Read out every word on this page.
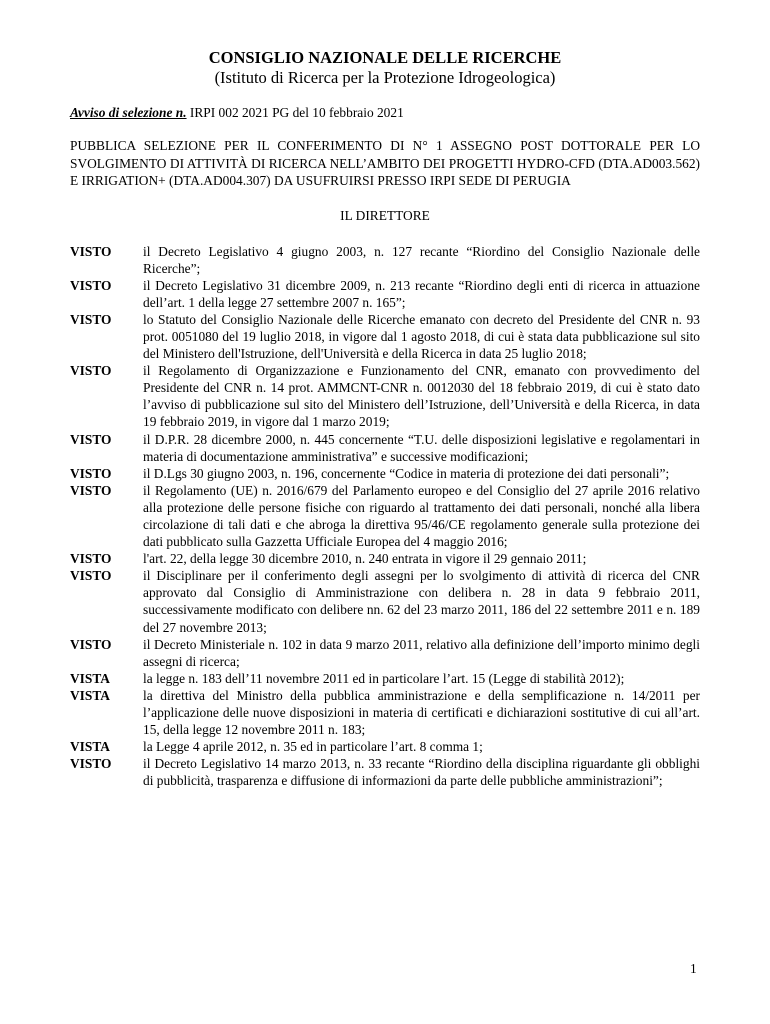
CONSIGLIO NAZIONALE DELLE RICERCHE

(Istituto di Ricerca per la Protezione Idrogeologica)

Avviso di selezione n. IRPI 002 2021 PG del 10 febbraio 2021

PUBBLICA SELEZIONE PER IL CONFERIMENTO DI N° 1 ASSEGNO POST DOTTORALE PER LO SVOLGIMENTO DI ATTIVITÀ DI RICERCA NELL’AMBITO DEI PROGETTI HYDRO-CFD (DTA.AD003.562) E IRRIGATION+ (DTA.AD004.307) DA USUFRUIRSI PRESSO IRPI SEDE DI PERUGIA

IL DIRETTORE

VISTO	il Decreto Legislativo 4 giugno 2003, n. 127 recante “Riordino del Consiglio Nazionale delle Ricerche”;
VISTO	il Decreto Legislativo 31 dicembre 2009, n. 213 recante “Riordino degli enti di ricerca in attuazione dell’art. 1 della legge 27 settembre 2007 n. 165”;
VISTO	lo Statuto del Consiglio Nazionale delle Ricerche emanato con decreto del Presidente del CNR n. 93 prot. 0051080 del 19 luglio 2018, in vigore dal 1 agosto 2018, di cui è stata data pubblicazione sul sito del Ministero dell'Istruzione, dell'Università e della Ricerca in data 25 luglio 2018;
VISTO	il Regolamento di Organizzazione e Funzionamento del CNR, emanato con provvedimento del Presidente del CNR n. 14 prot. AMMCNT-CNR n. 0012030 del 18 febbraio 2019, di cui è stato dato l’avviso di pubblicazione sul sito del Ministero dell’Istruzione, dell’Università e della Ricerca, in data 19 febbraio 2019, in vigore dal 1 marzo 2019;
VISTO	il D.P.R. 28 dicembre 2000, n. 445 concernente “T.U. delle disposizioni legislative e regolamentari in materia di documentazione amministrativa” e successive modificazioni;
VISTO	il D.Lgs 30 giugno 2003, n. 196, concernente “Codice in materia di protezione dei dati personali”;
VISTO	il Regolamento (UE) n. 2016/679 del Parlamento europeo e del Consiglio del 27 aprile 2016 relativo alla protezione delle persone fisiche con riguardo al trattamento dei dati personali, nonché alla libera circolazione di tali dati e che abroga la direttiva 95/46/CE regolamento generale sulla protezione dei dati pubblicato sulla Gazzetta Ufficiale Europea del 4 maggio 2016;
VISTO	l'art. 22, della legge 30 dicembre 2010, n. 240 entrata in vigore il 29 gennaio 2011;
VISTO	il Disciplinare per il conferimento degli assegni per lo svolgimento di attività di ricerca del CNR approvato dal Consiglio di Amministrazione con delibera n. 28 in data 9 febbraio 2011, successivamente modificato con delibere nn. 62 del 23 marzo 2011, 186 del 22 settembre 2011 e n. 189 del 27 novembre 2013;
VISTO	il Decreto Ministeriale n. 102 in data 9 marzo 2011, relativo alla definizione dell’importo minimo degli assegni di ricerca;
VISTA	la legge n. 183 dell’11 novembre 2011 ed in particolare l’art. 15 (Legge di stabilità 2012);
VISTA	la direttiva del Ministro della pubblica amministrazione e della semplificazione n. 14/2011 per l’applicazione delle nuove disposizioni in materia di certificati e dichiarazioni sostitutive di cui all’art. 15, della legge 12 novembre 2011 n. 183;
VISTA	la Legge 4 aprile 2012, n. 35 ed in particolare l’art. 8 comma 1;
VISTO	il Decreto Legislativo 14 marzo 2013, n. 33 recante “Riordino della disciplina riguardante gli obblighi di pubblicità, trasparenza e diffusione di informazioni da parte delle pubbliche amministrazioni”;
1
